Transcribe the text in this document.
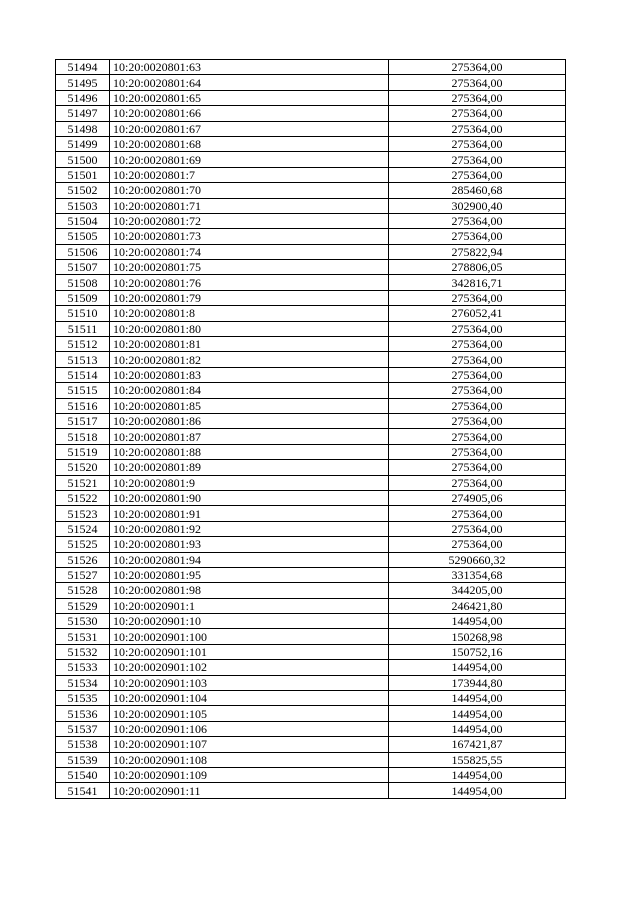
51494	10:20:0020801:63	275364,00
51495	10:20:0020801:64	275364,00
51496	10:20:0020801:65	275364,00
51497	10:20:0020801:66	275364,00
51498	10:20:0020801:67	275364,00
51499	10:20:0020801:68	275364,00
51500	10:20:0020801:69	275364,00
51501	10:20:0020801:7	275364,00
51502	10:20:0020801:70	285460,68
51503	10:20:0020801:71	302900,40
51504	10:20:0020801:72	275364,00
51505	10:20:0020801:73	275364,00
51506	10:20:0020801:74	275822,94
51507	10:20:0020801:75	278806,05
51508	10:20:0020801:76	342816,71
51509	10:20:0020801:79	275364,00
51510	10:20:0020801:8	276052,41
51511	10:20:0020801:80	275364,00
51512	10:20:0020801:81	275364,00
51513	10:20:0020801:82	275364,00
51514	10:20:0020801:83	275364,00
51515	10:20:0020801:84	275364,00
51516	10:20:0020801:85	275364,00
51517	10:20:0020801:86	275364,00
51518	10:20:0020801:87	275364,00
51519	10:20:0020801:88	275364,00
51520	10:20:0020801:89	275364,00
51521	10:20:0020801:9	275364,00
51522	10:20:0020801:90	274905,06
51523	10:20:0020801:91	275364,00
51524	10:20:0020801:92	275364,00
51525	10:20:0020801:93	275364,00
51526	10:20:0020801:94	5290660,32
51527	10:20:0020801:95	331354,68
51528	10:20:0020801:98	344205,00
51529	10:20:0020901:1	246421,80
51530	10:20:0020901:10	144954,00
51531	10:20:0020901:100	150268,98
51532	10:20:0020901:101	150752,16
51533	10:20:0020901:102	144954,00
51534	10:20:0020901:103	173944,80
51535	10:20:0020901:104	144954,00
51536	10:20:0020901:105	144954,00
51537	10:20:0020901:106	144954,00
51538	10:20:0020901:107	167421,87
51539	10:20:0020901:108	155825,55
51540	10:20:0020901:109	144954,00
51541	10:20:0020901:11	144954,00
